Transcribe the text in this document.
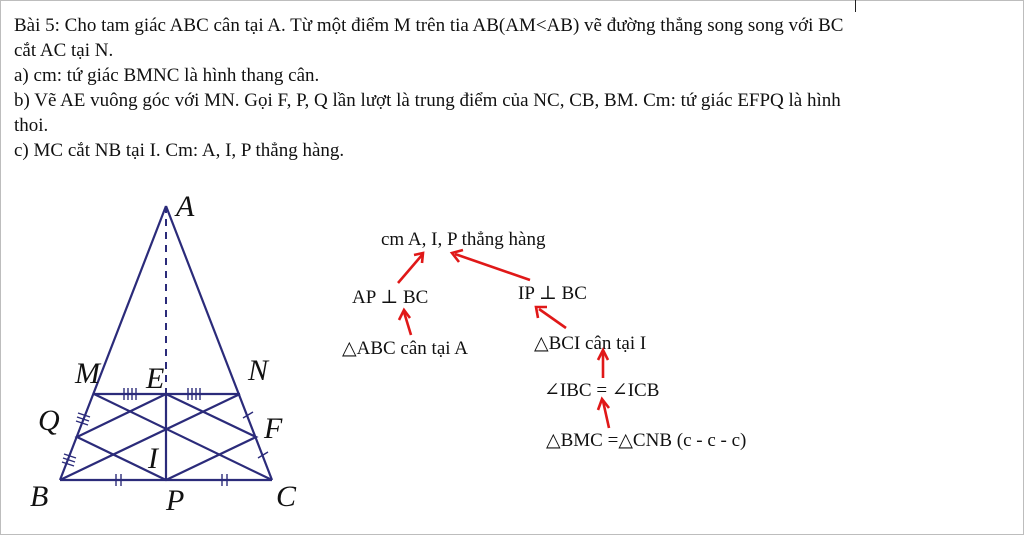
Bài 5: Cho tam giác ABC cân tại A. Từ một điểm M trên tia AB(AM<AB) vẽ đường thẳng song song với BC

cắt AC tại N.

a) cm: tứ giác BMNC là hình thang cân.

b) Vẽ AE vuông góc với MN. Gọi F, P, Q lần lượt là trung điểm của NC, CB, BM. Cm: tứ giác EFPQ là hình

thoi.

c) MC cắt NB tại I. Cm: A, I, P thẳng hàng.

A
M E	N
Q	F
I
B	P	C
cm A, I, P thẳng hàng
AP ⊥ BC	IP ⊥ BC
△ABC cân tại A	△BCI cân tại I
∠IBC = ∠ICB
△BMC =△CNB (c - c - c)
